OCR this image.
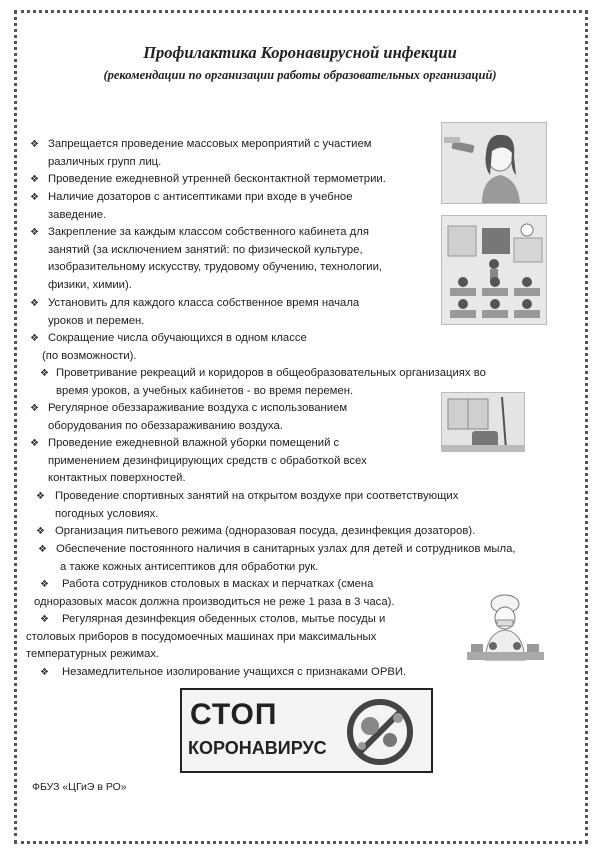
Профилактика Коронавирусной инфекции
(рекомендации по организации работы образовательных организаций)
❖ Запрещается проведение массовых мероприятий с участием
различных групп лиц.
❖ Проведение ежедневной утренней бесконтактной термометрии.
❖ Наличие дозаторов с антисептиками при входе в учебное
заведение.
❖ Закрепление за каждым классом собственного кабинета для
занятий (за исключением занятий: по физической культуре,
изобразительному искусству, трудовому обучению, технологии,
физики, химии).
❖ Установить для каждого класса собственное время начала
уроков и перемен.
❖ Сокращение числа обучающихся в одном классе
(по возможности).
❖ Проветривание рекреаций и коридоров в общеобразовательных организациях во
время уроков, а учебных кабинетов - во время перемен.
❖ Регулярное обеззараживание воздуха с использованием
оборудования по обеззараживанию воздуха.
❖ Проведение ежедневной влажной уборки помещений с
применением дезинфицирующих средств с обработкой всех
контактных поверхностей.
❖ Проведение спортивных занятий на открытом воздухе при соответствующих
погодных условиях.
❖ Организация питьевого режима (одноразовая посуда, дезинфекция дозаторов).
❖ Обеспечение постоянного наличия в санитарных узлах для детей и сотрудников мыла,
а также кожных антисептиков для обработки рук.
❖ Работа сотрудников столовых в масках и перчатках (смена
одноразовых масок должна производиться не реже 1 раза в 3 часа).
❖ Регулярная дезинфекция обеденных столов, мытье посуды и
столовых приборов в посудомоечных машинах при максимальных
температурных режимах.
❖ Незамедлительное изолирование учащихся с признаками ОРВИ.
СТОП
КОРОНАВИРУС
ФБУЗ «ЦГиЭ в РО»
